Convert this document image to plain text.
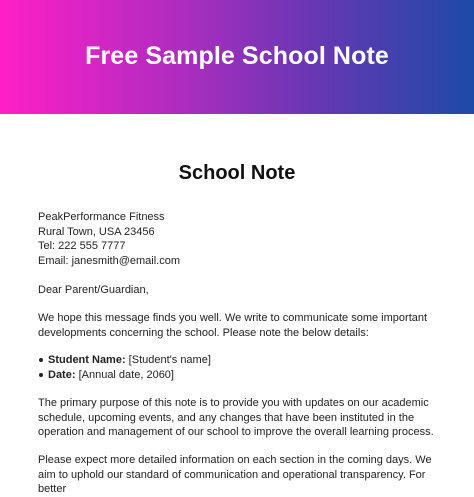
Free Sample School Note
School Note
PeakPerformance Fitness
Rural Town, USA 23456
Tel: 222 555 7777
Email: janesmith@email.com
Dear Parent/Guardian,
We hope this message finds you well. We write to communicate some important developments concerning the school. Please note the below details:
Student Name: [Student's name]
Date: [Annual date, 2060]
The primary purpose of this note is to provide you with updates on our academic schedule, upcoming events, and any changes that have been instituted in the operation and management of our school to improve the overall learning process.
Please expect more detailed information on each section in the coming days. We aim to uphold our standard of communication and operational transparency. For better
